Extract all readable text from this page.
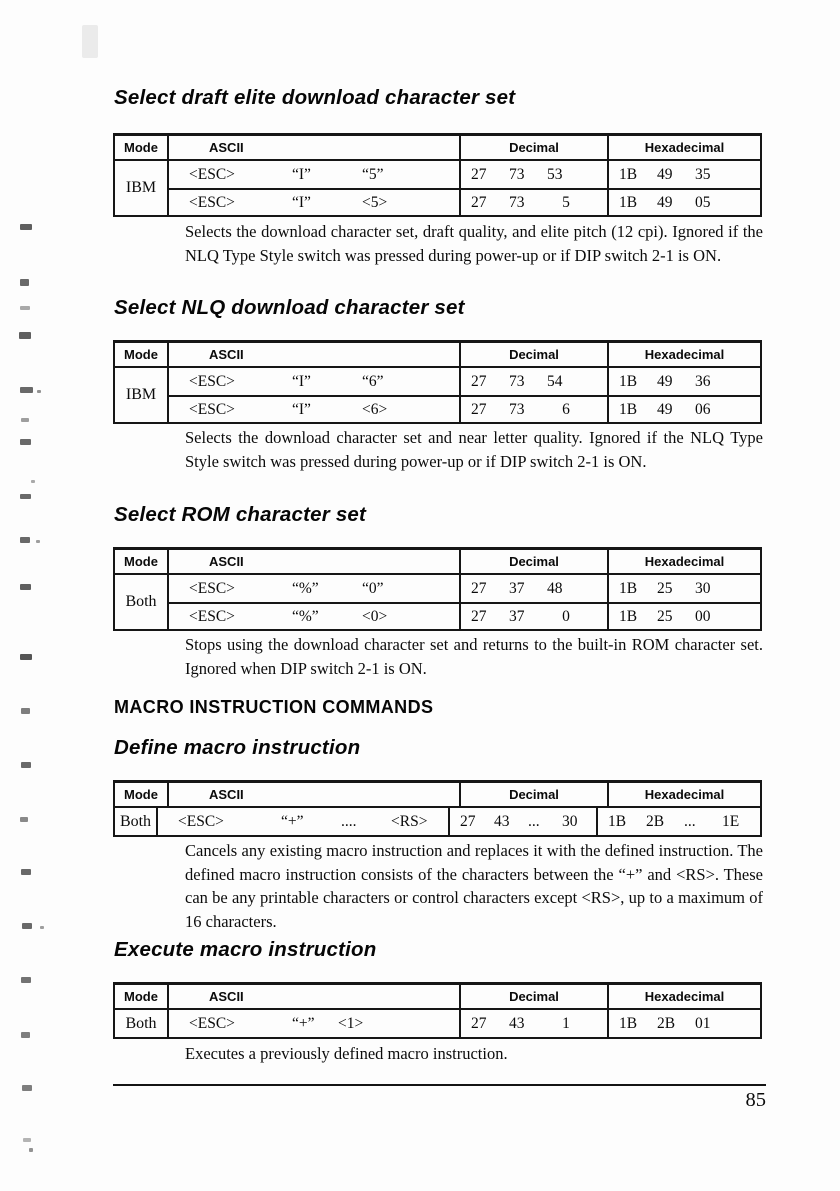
Select draft elite download character set
Mode	ASCII	Decimal	Hexadecimal
IBM
<ESC>	“I”	“5”	27	73	53	1B	49	35
<ESC>	“I”	<5>	27	73	5	1B	49	05
Selects the download character set, draft quality, and elite pitch (12 cpi). Ignored if the NLQ Type Style switch was pressed during power-up or if DIP switch 2-1 is ON.
Select NLQ download character set
Mode	ASCII	Decimal	Hexadecimal
IBM
<ESC>	“I”	“6”	27	73	54	1B	49	36
<ESC>	“I”	<6>	27	73	6	1B	49	06
Selects the download character set and near letter quality. Ignored if the NLQ Type Style switch was pressed during power-up or if DIP switch 2-1 is ON.
Select ROM character set
Mode	ASCII	Decimal	Hexadecimal
Both
<ESC>	“%”	“0”	27	37	48	1B	25	30
<ESC>	“%”	<0>	27	37	0	1B	25	00
Stops using the download character set and returns to the built-in ROM character set. Ignored when DIP switch 2-1 is ON.
MACRO INSTRUCTION COMMANDS
Define macro instruction
Mode	ASCII	Decimal	Hexadecimal
Both	<ESC>	“+”	....	<RS> 27	43	...	30	1B	2B	...	1E
Cancels any existing macro instruction and replaces it with the defined instruction. The defined macro instruction consists of the characters between the “+” and <RS>. These can be any printable characters or control characters except <RS>, up to a maximum of 16 characters.
Execute macro instruction
Mode	ASCII	Decimal	Hexadecimal
Both	<ESC>	“+”	<1>	27	43	1	1B	2B	01
Executes a previously defined macro instruction.
85
